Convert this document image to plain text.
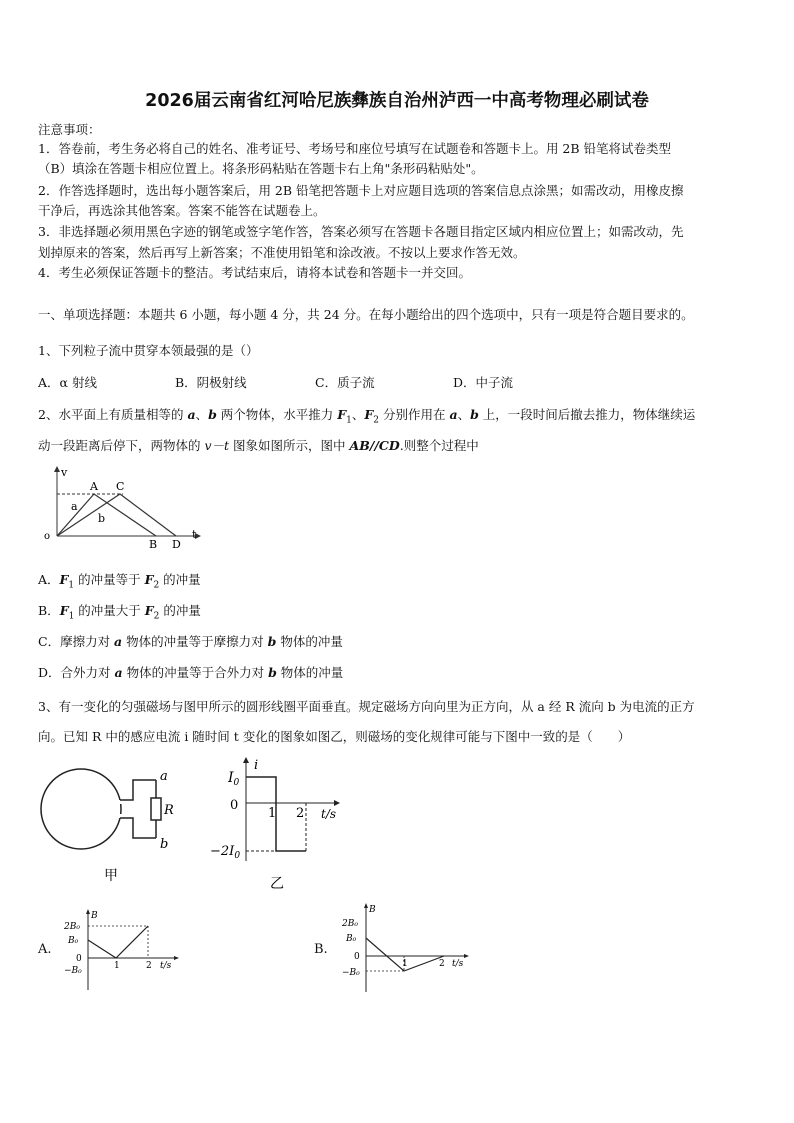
2026届云南省红河哈尼族彝族自治州泸西一中高考物理必刷试卷
注意事项：
1．答卷前，考生务必将自己的姓名、准考证号、考场号和座位号填写在试题卷和答题卡上。用 2B 铅笔将试卷类型
（B）填涂在答题卡相应位置上。将条形码粘贴在答题卡右上角"条形码粘贴处"。
2．作答选择题时，选出每小题答案后，用 2B 铅笔把答题卡上对应题目选项的答案信息点涂黑；如需改动，用橡皮擦
干净后，再选涂其他答案。答案不能答在试题卷上。
3．非选择题必须用黑色字迹的钢笔或签字笔作答，答案必须写在答题卡各题目指定区域内相应位置上；如需改动，先
划掉原来的答案，然后再写上新答案；不准使用铅笔和涂改液。不按以上要求作答无效。
4．考生必须保证答题卡的整洁。考试结束后，请将本试卷和答题卡一并交回。
一、单项选择题：本题共 6 小题，每小题 4 分，共 24 分。在每小题给出的四个选项中，只有一项是符合题目要求的。
1、下列粒子流中贯穿本领最强的是（）
A．α 射线	B．阴极射线	C．质子流	D．中子流
2、水平面上有质量相等的 a、b 两个物体，水平推力 $F_1$、$F_2$ 分别作用在 a、b 上，一段时间后撤去推力，物体继续运
动一段距离后停下，两物体的 v－t 图象如图所示，图中 AB//CD.则整个过程中
v
t
o
A C
B D
a
b
A．$F_1$ 的冲量等于 $F_2$ 的冲量
B．$F_1$ 的冲量大于 $F_2$ 的冲量
C．摩擦力对 a 物体的冲量等于摩擦力对 b 物体的冲量
D．合外力对 a 物体的冲量等于合外力对 b 物体的冲量
3、有一变化的匀强磁场与图甲所示的圆形线圈平面垂直。规定磁场方向向里为正方向，从 a 经 R 流向 b 为电流的正方
向。已知 R 中的感应电流 i 随时间 t 变化的图象如图乙，则磁场的变化规律可能与下图中一致的是（　　）
a
R
b
甲
i
$I_0$
0
1 2 t/s
$-2I_0$
乙
A.
B
2B₀
B₀
0
−B₀	1	2 t/s
B.
B
2B₀
B₀
0
−B₀
1	2 t/s
